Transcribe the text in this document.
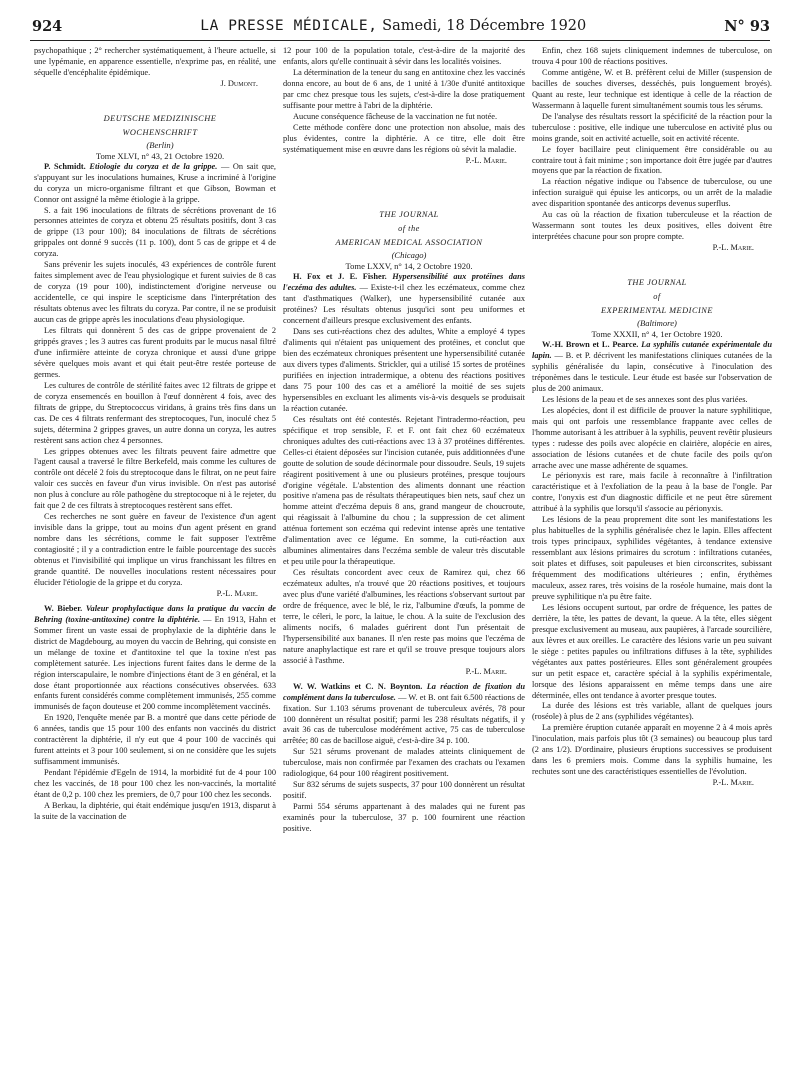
924	LA PRESSE MÉDICALE, Samedi, 18 Décembre 1920	N° 93

psychopathique ; 2° rechercher systématiquement, à l'heure actuelle, si une lypémanie, en apparence essentielle, n'exprime pas, en réalité, une séquelle d'encéphalite épidémique.

J. Dumont.

DEUTSCHE MEDIZINISCHE

WOCHENSCHRIFT

(Berlin)

Tome XLVI, n° 43, 21 Octobre 1920.

P. Schmidt. Etiologie du coryza et de la grippe. — On sait que, s'appuyant sur les inoculations humaines, Kruse a incriminé à l'origine du coryza un micro-organisme filtrant et que Gibson, Bowman et Connor ont assigné la même étiologie à la grippe.

S. a fait 196 inoculations de filtrats de sécrétions provenant de 16 personnes atteintes de coryza et obtenu 25 résultats positifs, dont 3 cas de grippe (13 pour 100); 84 inoculations de filtrats de sécrétions grippales ont donné 9 succès (11 p. 100), dont 5 cas de grippe et 4 de coryza.

Sans prévenir les sujets inoculés, 43 expériences de contrôle furent faites simplement avec de l'eau physiologique et furent suivies de 8 cas de coryza (19 pour 100), indistinctement d'origine nerveuse ou accidentelle, ce qui inspire le scepticisme dans l'interprétation des résultats obtenus avec les filtrats du coryza. Par contre, il ne se produisit aucun cas de grippe après les inoculations d'eau physiologique.

Les filtrats qui donnèrent 5 des cas de grippe provenaient de 2 grippés graves ; les 3 autres cas furent produits par le mucus nasal filtré d'une infirmière atteinte de coryza chronique et aussi d'une grippe sévère quelques mois avant et qui était peut-être restée porteuse de germes.

Les cultures de contrôle de stérilité faites avec 12 filtrats de grippe et de coryza ensemencés en bouillon à l'œuf donnèrent 4 fois, avec des filtrats de grippe, du Streptococcus viridans, à grains très fins dans un cas. De ces 4 filtrats renfermant des streptocoques, l'un, inoculé chez 5 sujets, détermina 2 grippes graves, un autre donna un coryza, les autres restèrent sans action chez 4 personnes.

Les grippes obtenues avec les filtrats peuvent faire admettre que l'agent causal a traversé le filtre Berkefeld, mais comme les cultures de contrôle ont décelé 2 fois du streptocoque dans le filtrat, on ne peut faire valoir ces succès en faveur d'un virus invisible. On n'est pas autorisé non plus à conclure au rôle pathogène du streptocoque ni à le rejeter, du fait que 2 de ces filtrats à streptocoques restèrent sans effet.

Ces recherches ne sont guère en faveur de l'existence d'un agent invisible dans la grippe, tout au moins d'un agent présent en grand nombre dans les sécrétions, comme le fait supposer l'extrême contagiosité ; il y a contradiction entre le faible pourcentage des succès obtenus et l'invisibilité qui implique un virus franchissant les filtres en grande quantité. De nouvelles inoculations restent nécessaires pour élucider l'étiologie de la grippe et du coryza.

P.-L. Marie.

W. Bieber. Valeur prophylactique dans la pratique du vaccin de Behring (toxine-antitoxine) contre la diphtérie. — En 1913, Hahn et Sommer firent un vaste essai de prophylaxie de la diphtérie dans le district de Magdebourg, au moyen du vaccin de Behring, qui consiste en un mélange de toxine et d'antitoxine tel que la toxine n'est pas complètement saturée. Les injections furent faites dans le derme de la région interscapulaire, le nombre d'injections étant de 3 en général, et la dose étant proportionnée aux réactions consécutives observées. 633 enfants furent considérés comme complètement immunisés, 255 comme immunisés de façon douteuse et 200 comme incomplètement vaccinés.

En 1920, l'enquête menée par B. a montré que dans cette période de 6 années, tandis que 15 pour 100 des enfants non vaccinés du district contractèrent la diphtérie, il n'y eut que 4 pour 100 de vaccinés qui furent atteints et 3 pour 100 seulement, si on ne considère que les sujets suffisamment immunisés.

Pendant l'épidémie d'Egeln de 1914, la morbidité fut de 4 pour 100 chez les vaccinés, de 18 pour 100 chez les non-vaccinés, la mortalité étant de 0,2 p. 100 chez les premiers, de 0,7 pour 100 chez les seconds.

A Berkau, la diphtérie, qui était endémique jusqu'en 1913, disparut à la suite de la vaccination de

12 pour 100 de la population totale, c'est-à-dire de la majorité des enfants, alors qu'elle continuait à sévir dans les localités voisines.

La détermination de la teneur du sang en antitoxine chez les vaccinés donna encore, au bout de 6 ans, de 1 unité à 1/30e d'unité antitoxique par cmc chez presque tous les sujets, c'est-à-dire la dose pratiquement suffisante pour mettre à l'abri de la diphtérie.

Aucune conséquence fâcheuse de la vaccination ne fut notée.

Cette méthode confère donc une protection non absolue, mais des plus évidentes, contre la diphtérie. A ce titre, elle doit être systématiquement mise en œuvre dans les régions où sévit la maladie.

P.-L. Marie.

THE JOURNAL

of the

AMERICAN MEDICAL ASSOCIATION

(Chicago)

Tome LXXV, n° 14, 2 Octobre 1920.

H. Fox et J. E. Fisher. Hypersensibilité aux protéines dans l'eczéma des adultes. — Existe-t-il chez les eczémateux, comme chez tant d'asthmatiques (Walker), une hypersensibilité cutanée aux protéines? Les résultats obtenus jusqu'ici sont peu uniformes et concernent d'ailleurs presque exclusivement des enfants.

Dans ses cuti-réactions chez des adultes, White a employé 4 types d'aliments qui n'étaient pas uniquement des protéines, et conclut que bien des eczémateux chroniques présentent une hypersensibilité cutanée aux divers types d'aliments. Strickler, qui a utilisé 15 sortes de protéines purifiées en injection intradermique, a obtenu des réactions positives dans 75 pour 100 des cas et a amélioré la moitié de ses sujets hypersensibles en excluant les aliments vis-à-vis desquels se produisait la réaction cutanée.

Ces résultats ont été contestés. Rejetant l'intradermo-réaction, peu spécifique et trop sensible, F. et F. ont fait chez 60 eczémateux chroniques adultes des cuti-réactions avec 13 à 37 protéines différentes. Celles-ci étaient déposées sur l'incision cutanée, puis additionnées d'une goutte de solution de soude décinormale pour dissoudre. Seuls, 19 sujets réagirent positivement à une ou plusieurs protéines, presque toujours d'origine végétale. L'abstention des aliments donnant une réaction positive n'amena pas de résultats thérapeutiques bien nets, sauf chez un homme atteint d'eczéma depuis 8 ans, grand mangeur de choucroute, qui réagissait à l'albumine du chou ; la suppression de cet aliment atténua fortement son eczéma qui redevint intense après une tentative d'alimentation avec ce légume. En somme, la cuti-réaction aux albumines alimentaires dans l'eczéma semble de valeur très discutable et peu utile pour la thérapeutique.

Ces résultats concordent avec ceux de Ramirez qui, chez 66 eczémateux adultes, n'a trouvé que 20 réactions positives, et toujours avec plus d'une variété d'albumines, les réactions s'observant surtout par ordre de fréquence, avec le blé, le riz, l'albumine d'œufs, la pomme de terre, le céleri, le porc, la laitue, le chou. A la suite de l'exclusion des aliments nocifs, 6 malades guérirent dont l'un présentait de l'hypersensibilité aux bananes. Il n'en reste pas moins que l'eczéma de nature anaphylactique est rare et qu'il se trouve presque toujours alors associé à l'asthme.

P.-L. Marie.

W. W. Watkins et C. N. Boynton. La réaction de fixation du complément dans la tuberculose. — W. et B. ont fait 6.500 réactions de fixation. Sur 1.103 sérums provenant de tuberculeux avérés, 78 pour 100 donnèrent un résultat positif; parmi les 238 résultats négatifs, il y avait 36 cas de tuberculose modérément active, 75 cas de tuberculose arrêtée; 80 cas de bacillose aiguë, c'est-à-dire 34 p. 100.

Sur 521 sérums provenant de malades atteints cliniquement de tuberculose, mais non confirmée par l'examen des crachats ou l'examen radiologique, 64 pour 100 réagirent positivement.

Sur 832 sérums de sujets suspects, 37 pour 100 donnèrent un résultat positif.

Parmi 554 sérums appartenant à des malades qui ne furent pas examinés pour la tuberculose, 37 p. 100 fournirent une réaction positive.

Enfin, chez 168 sujets cliniquement indemnes de tuberculose, on trouva 4 pour 100 de réactions positives.

Comme antigène, W. et B. préfèrent celui de Miller (suspension de bacilles de souches diverses, desséchés, puis longuement broyés). Quant au reste, leur technique est identique à celle de la réaction de Wassermann à laquelle furent simultanément soumis tous les sérums.

De l'analyse des résultats ressort la spécificité de la réaction pour la tuberculose : positive, elle indique une tuberculose en activité plus ou moins grande, soit en activité actuelle, soit en activité récente.

Le foyer bacillaire peut cliniquement être considérable ou au contraire tout à fait minime ; son importance doit être jugée par d'autres moyens que par la réaction de fixation.

La réaction négative indique ou l'absence de tuberculose, ou une infection suraiguë qui épuise les anticorps, ou un arrêt de la maladie avec disparition spontanée des anticorps devenus superflus.

Au cas où la réaction de fixation tuberculeuse et la réaction de Wassermann sont toutes les deux positives, elles doivent être interprétées chacune pour son propre compte.

P.-L. Marie.

THE JOURNAL

of

EXPERIMENTAL MEDICINE

(Baltimore)

Tome XXXII, n° 4, 1er Octobre 1920.

W.-H. Brown et L. Pearce. La syphilis cutanée expérimentale du lapin. — B. et P. décrivent les manifestations cliniques cutanées de la syphilis généralisée du lapin, consécutive à l'inoculation des tréponèmes dans le testicule. Leur étude est basée sur l'observation de plus de 200 animaux.

Les lésions de la peau et de ses annexes sont des plus variées.

Les alopécies, dont il est difficile de prouver la nature syphilitique, mais qui ont parfois une ressemblance frappante avec celles de l'homme autorisant à les attribuer à la syphilis, peuvent revêtir plusieurs types : rudesse des poils avec alopécie en clairière, alopécie en aires, association de lésions cutanées et de chute facile des poils qu'on arrache avec une masse adhérente de squames.

Le périonyxis est rare, mais facile à reconnaître à l'infiltration caractéristique et à l'exfoliation de la peau à la base de l'ongle. Par contre, l'onyxis est d'un diagnostic difficile et ne peut être sûrement attribué à la syphilis que lorsqu'il s'associe au périonyxis.

Les lésions de la peau proprement dite sont les manifestations les plus habituelles de la syphilis généralisée chez le lapin. Elles affectent trois types principaux, syphilides végétantes, à tendance extensive ressemblant aux lésions primaires du scrotum : infiltrations cutanées, soit plates et diffuses, soit papuleuses et bien circonscrites, subissant fréquemment des modifications ultérieures ; enfin, érythèmes maculeux, assez rares, très voisins de la roséole humaine, mais dont la preuve syphilitique n'a pu être faite.

Les lésions occupent surtout, par ordre de fréquence, les pattes de derrière, la tête, les pattes de devant, la queue. A la tête, elles siègent presque exclusivement au museau, aux paupières, à l'arcade sourcilière, aux lèvres et aux oreilles. Le caractère des lésions varie un peu suivant le siège : petites papules ou infiltrations diffuses à la tête, syphilides végétantes aux pattes postérieures. Elles sont généralement groupées sur un petit espace et, caractère spécial à la syphilis expérimentale, lorsque des lésions apparaissent en même temps dans une aire déterminée, elles ont tendance à avorter presque toutes.

La durée des lésions est très variable, allant de quelques jours (roséole) à plus de 2 ans (syphilides végétantes).

La première éruption cutanée apparaît en moyenne 2 à 4 mois après l'inoculation, mais parfois plus tôt (3 semaines) ou beaucoup plus tard (2 ans 1/2). D'ordinaire, plusieurs éruptions successives se produisent dans les 6 premiers mois. Comme dans la syphilis humaine, les rechutes sont une des caractéristiques essentielles de l'évolution.

P.-L. Marie.
